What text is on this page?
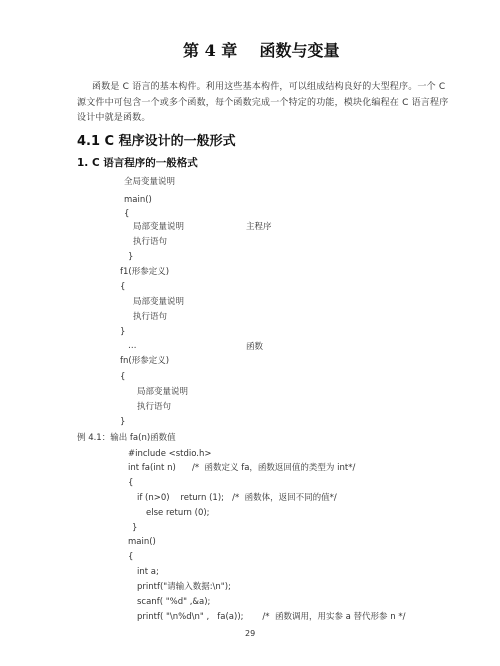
第 4 章    函数与变量
函数是 C 语言的基本构件。利用这些基本构件，可以组成结构良好的大型程序。一个 C
源文件中可包含一个或多个函数，每个函数完成一个特定的功能，模块化编程在 C 语言程序
设计中就是函数。
4.1 C 程序设计的一般形式
1. C 语言程序的一般格式
全局变量说明
main()
{
局部变量说明	主程序
执行语句
}
f1(形参定义)
{
局部变量说明
执行语句
}
…	函数
fn(形参定义)
{
局部变量说明
执行语句
}
例 4.1：输出 fa(n)函数值
#include <stdio.h>
int fa(int n)      /*  函数定义 fa，函数返回值的类型为 int*/
{
if (n>0)    return (1);   /*  函数体，返回不同的值*/
else return (0);
}
main()
{
int a;
printf("请输入数据:\n");
scanf( "%d" ,&a);
printf( "\n%d\n" ,   fa(a));       /*  函数调用，用实参 a 替代形参 n */
29
